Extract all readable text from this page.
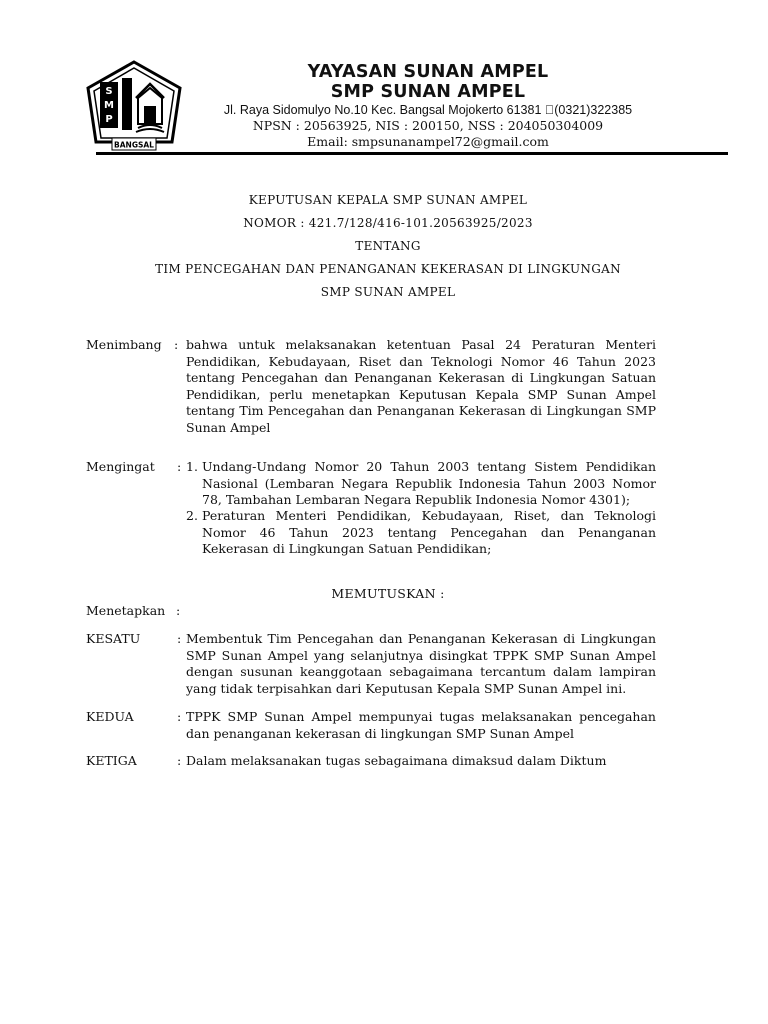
S
M
P
BANGSAL
YAYASAN SUNAN AMPEL
SMP SUNAN AMPEL
Jl. Raya Sidomulyo No.10 Kec. Bangsal Mojokerto 61381  (0321)322385
NPSN : 20563925, NIS : 200150, NSS : 204050304009
Email: smpsunanampel72@gmail.com
KEPUTUSAN KEPALA SMP SUNAN AMPEL
NOMOR : 421.7/128/416-101.20563925/2023
TENTANG
TIM PENCEGAHAN DAN PENANGANAN KEKERASAN DI LINGKUNGAN
SMP SUNAN AMPEL
Menimbang : bahwa untuk melaksanakan ketentuan Pasal 24 Peraturan Menteri Pendidikan, Kebudayaan, Riset dan Teknologi Nomor 46 Tahun 2023 tentang Pencegahan dan Penanganan Kekerasan di Lingkungan Satuan Pendidikan, perlu menetapkan Keputusan Kepala SMP Sunan Ampel tentang Tim Pencegahan dan Penanganan Kekerasan di Lingkungan SMP Sunan Ampel

Mengingat : 1. Undang-Undang Nomor 20 Tahun 2003 tentang Sistem Pendidikan Nasional (Lembaran Negara Republik Indonesia Tahun 2003 Nomor 78, Tambahan Lembaran Negara Republik Indonesia Nomor 4301);

2. Peraturan Menteri Pendidikan, Kebudayaan, Riset, dan Teknologi Nomor 46 Tahun 2023 tentang Pencegahan dan Penanganan Kekerasan di Lingkungan Satuan Pendidikan;

MEMUTUSKAN :
Menetapkan :
KESATU	: Membentuk Tim Pencegahan dan Penanganan Kekerasan di Lingkungan SMP Sunan Ampel yang selanjutnya disingkat TPPK SMP Sunan Ampel dengan susunan keanggotaan sebagaimana tercantum dalam lampiran yang tidak terpisahkan dari Keputusan Kepala SMP Sunan Ampel ini.

KEDUA	: TPPK SMP Sunan Ampel mempunyai tugas melaksanakan pencegahan dan penanganan kekerasan di lingkungan SMP Sunan Ampel

KETIGA	: Dalam melaksanakan tugas sebagaimana dimaksud dalam Diktum
